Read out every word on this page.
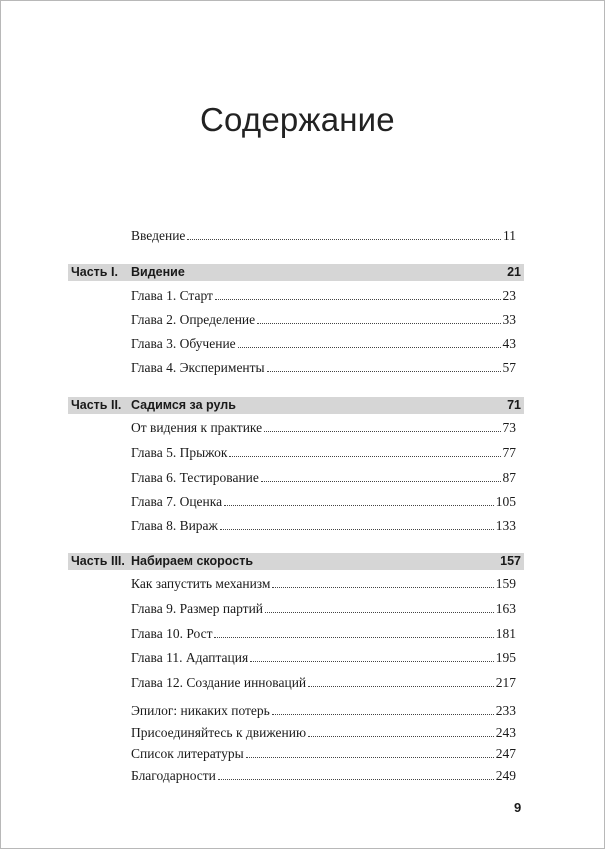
Содержание
Введение	11
Часть I. Видение	21
Глава 1. Старт	23
Глава 2. Определение	33
Глава 3. Обучение	43
Глава 4. Эксперименты	57
Часть II. Садимся за руль	71
От видения к практике	73
Глава 5. Прыжок	77
Глава 6. Тестирование	87
Глава 7. Оценка	105
Глава 8. Вираж	133
Часть III. Набираем скорость	157
Как запустить механизм	159
Глава 9. Размер партий	163
Глава 10. Рост	181
Глава 11. Адаптация	195
Глава 12. Создание инноваций	217
Эпилог: никаких потерь	233
Присоединяйтесь к движению	243
Список литературы	247
Благодарности	249
9
